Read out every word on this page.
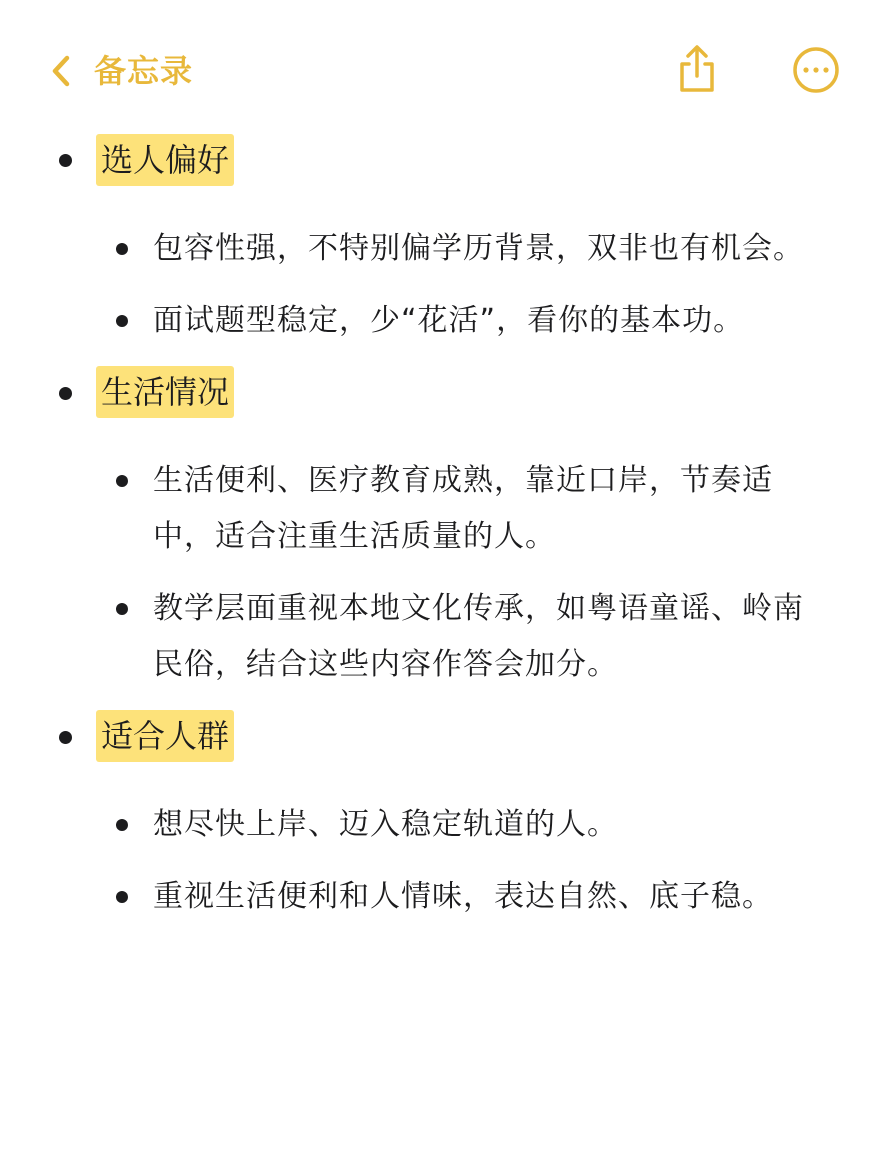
备忘录
选人偏好
包容性强，不特别偏学历背景，双非也有机会。
面试题型稳定，少“花活”，看你的基本功。
生活情况
生活便利、医疗教育成熟，靠近口岸，节奏适中，适合注重生活质量的人。
教学层面重视本地文化传承，如粤语童谣、岭南民俗，结合这些内容作答会加分。
适合人群
想尽快上岸、迈入稳定轨道的人。
重视生活便利和人情味，表达自然、底子稳。
